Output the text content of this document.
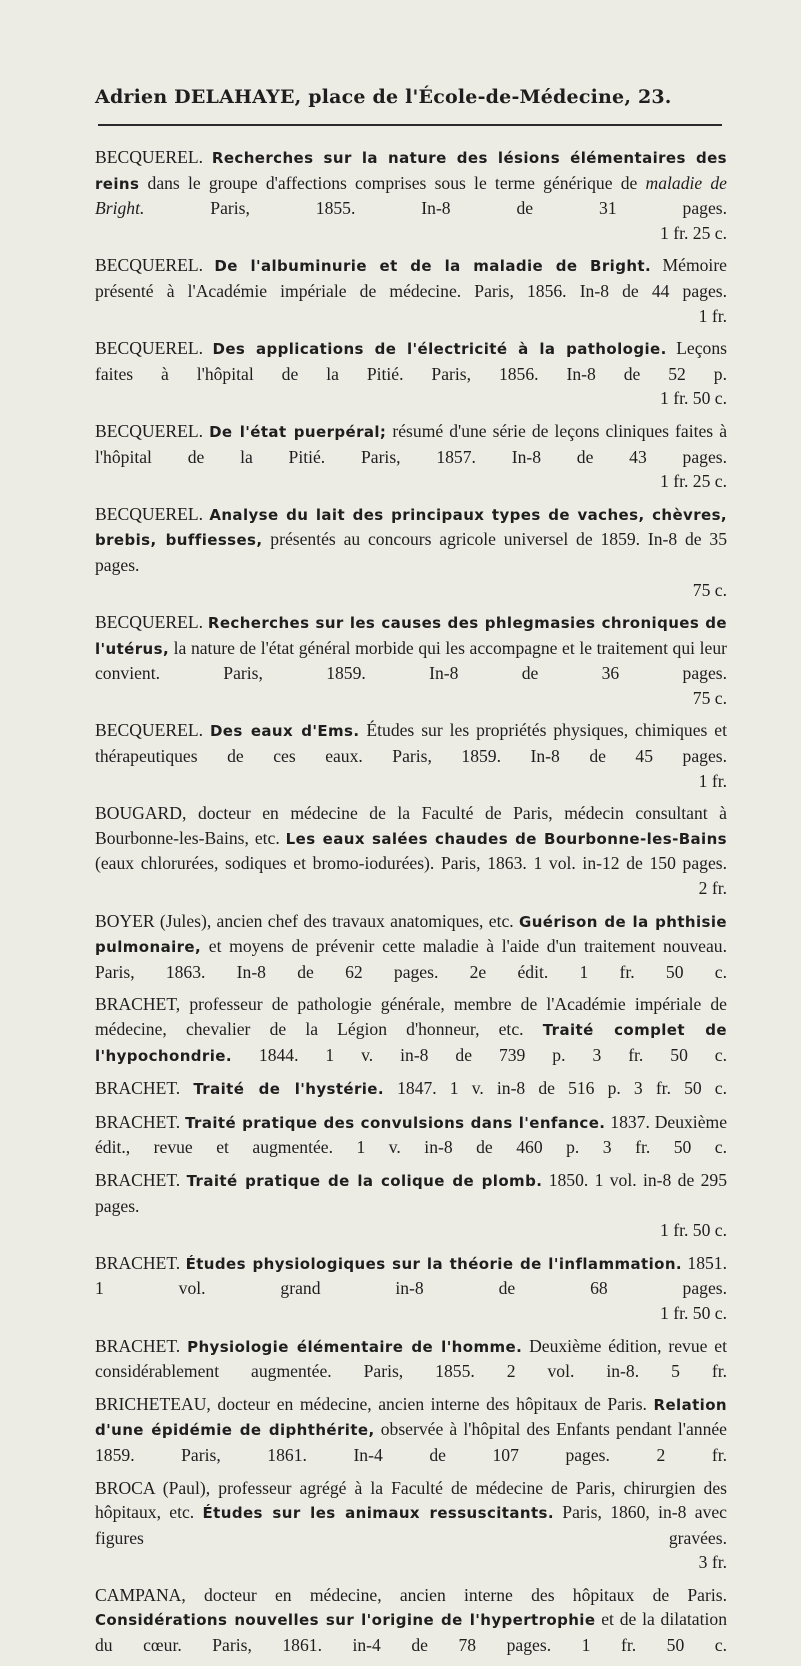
Adrien DELAHAYE, place de l'École-de-Médecine, 23.
BECQUEREL. Recherches sur la nature des lésions élémentaires des reins dans le groupe d'affections comprises sous le terme générique de maladie de Bright.	Paris, 1855. In-8 de 31 pages.
1 fr. 25 c.
BECQUEREL. De l'albuminurie et de la maladie de Bright. Mémoire présenté à l'Académie impériale de médecine. Paris, 1856. In-8 de 44 pages.
1 fr.
BECQUEREL. Des applications de l'électricité à la pathologie. Leçons faites à l'hôpital de la Pitié. Paris, 1856. In-8 de 52 p.
1 fr. 50 c.
BECQUEREL. De l'état puerpéral; résumé d'une série de leçons cliniques faites à l'hôpital de la Pitié. Paris, 1857. In-8 de 43 pages.
1 fr. 25 c.
BECQUEREL. Analyse du lait des principaux types de vaches, chèvres, brebis, buffiesses, présentés au concours agricole universel de 1859. In-8 de 35 pages.
75 c.
BECQUEREL. Recherches sur les causes des phlegmasies chroniques de l'utérus, la nature de l'état général morbide qui les accompagne et le traitement qui leur convient. Paris, 1859. In-8 de 36 pages.
75 c.
BECQUEREL. Des eaux d'Ems. Études sur les propriétés physiques, chimiques et thérapeutiques de ces eaux. Paris, 1859. In-8 de 45 pages.
1 fr.
BOUGARD, docteur en médecine de la Faculté de Paris, médecin consultant à Bourbonne-les-Bains, etc. Les eaux salées chaudes de Bourbonne-les-Bains (eaux chlorurées, sodiques et bromo-iodurées). Paris, 1863. 1 vol. in-12 de 150 pages.
2 fr.
BOYER (Jules), ancien chef des travaux anatomiques, etc. Guérison de la phthisie pulmonaire, et moyens de prévenir cette maladie à l'aide d'un traitement nouveau. Paris, 1863. In-8 de 62 pages. 2e édit. 1 fr. 50 c.
BRACHET, professeur de pathologie générale, membre de l'Académie impériale de médecine, chevalier de la Légion d'honneur, etc. Traité complet de l'hypochondrie. 1844. 1 v. in-8 de 739 p. 3 fr. 50 c.
BRACHET. Traité de l'hystérie. 1847. 1 v. in-8 de 516 p. 3 fr. 50 c.
BRACHET. Traité pratique des convulsions dans l'enfance. 1837. Deuxième édit., revue et augmentée. 1 v. in-8 de 460 p. 3 fr. 50 c.
BRACHET. Traité pratique de la colique de plomb. 1850. 1 vol. in-8 de 295 pages.
1 fr. 50 c.
BRACHET. Études physiologiques sur la théorie de l'inflammation. 1851. 1 vol. grand in-8 de 68 pages.
1 fr. 50 c.
BRACHET. Physiologie élémentaire de l'homme. Deuxième édition, revue et considérablement augmentée. Paris, 1855. 2 vol. in-8. 5 fr.
BRICHETEAU, docteur en médecine, ancien interne des hôpitaux de Paris. Relation d'une épidémie de diphthérite, observée à l'hôpital des Enfants pendant l'année 1859. Paris, 1861. In-4 de 107 pages.	2 fr.
BROCA (Paul), professeur agrégé à la Faculté de médecine de Paris, chirurgien des hôpitaux, etc. Études sur les animaux ressuscitants. Paris, 1860, in-8 avec figures gravées.
3 fr.
CAMPANA, docteur en médecine, ancien interne des hôpitaux de Paris. Considérations nouvelles sur l'origine de l'hypertrophie et de la dilatation du cœur. Paris, 1861. in-4 de 78 pages. 1 fr. 50 c.
